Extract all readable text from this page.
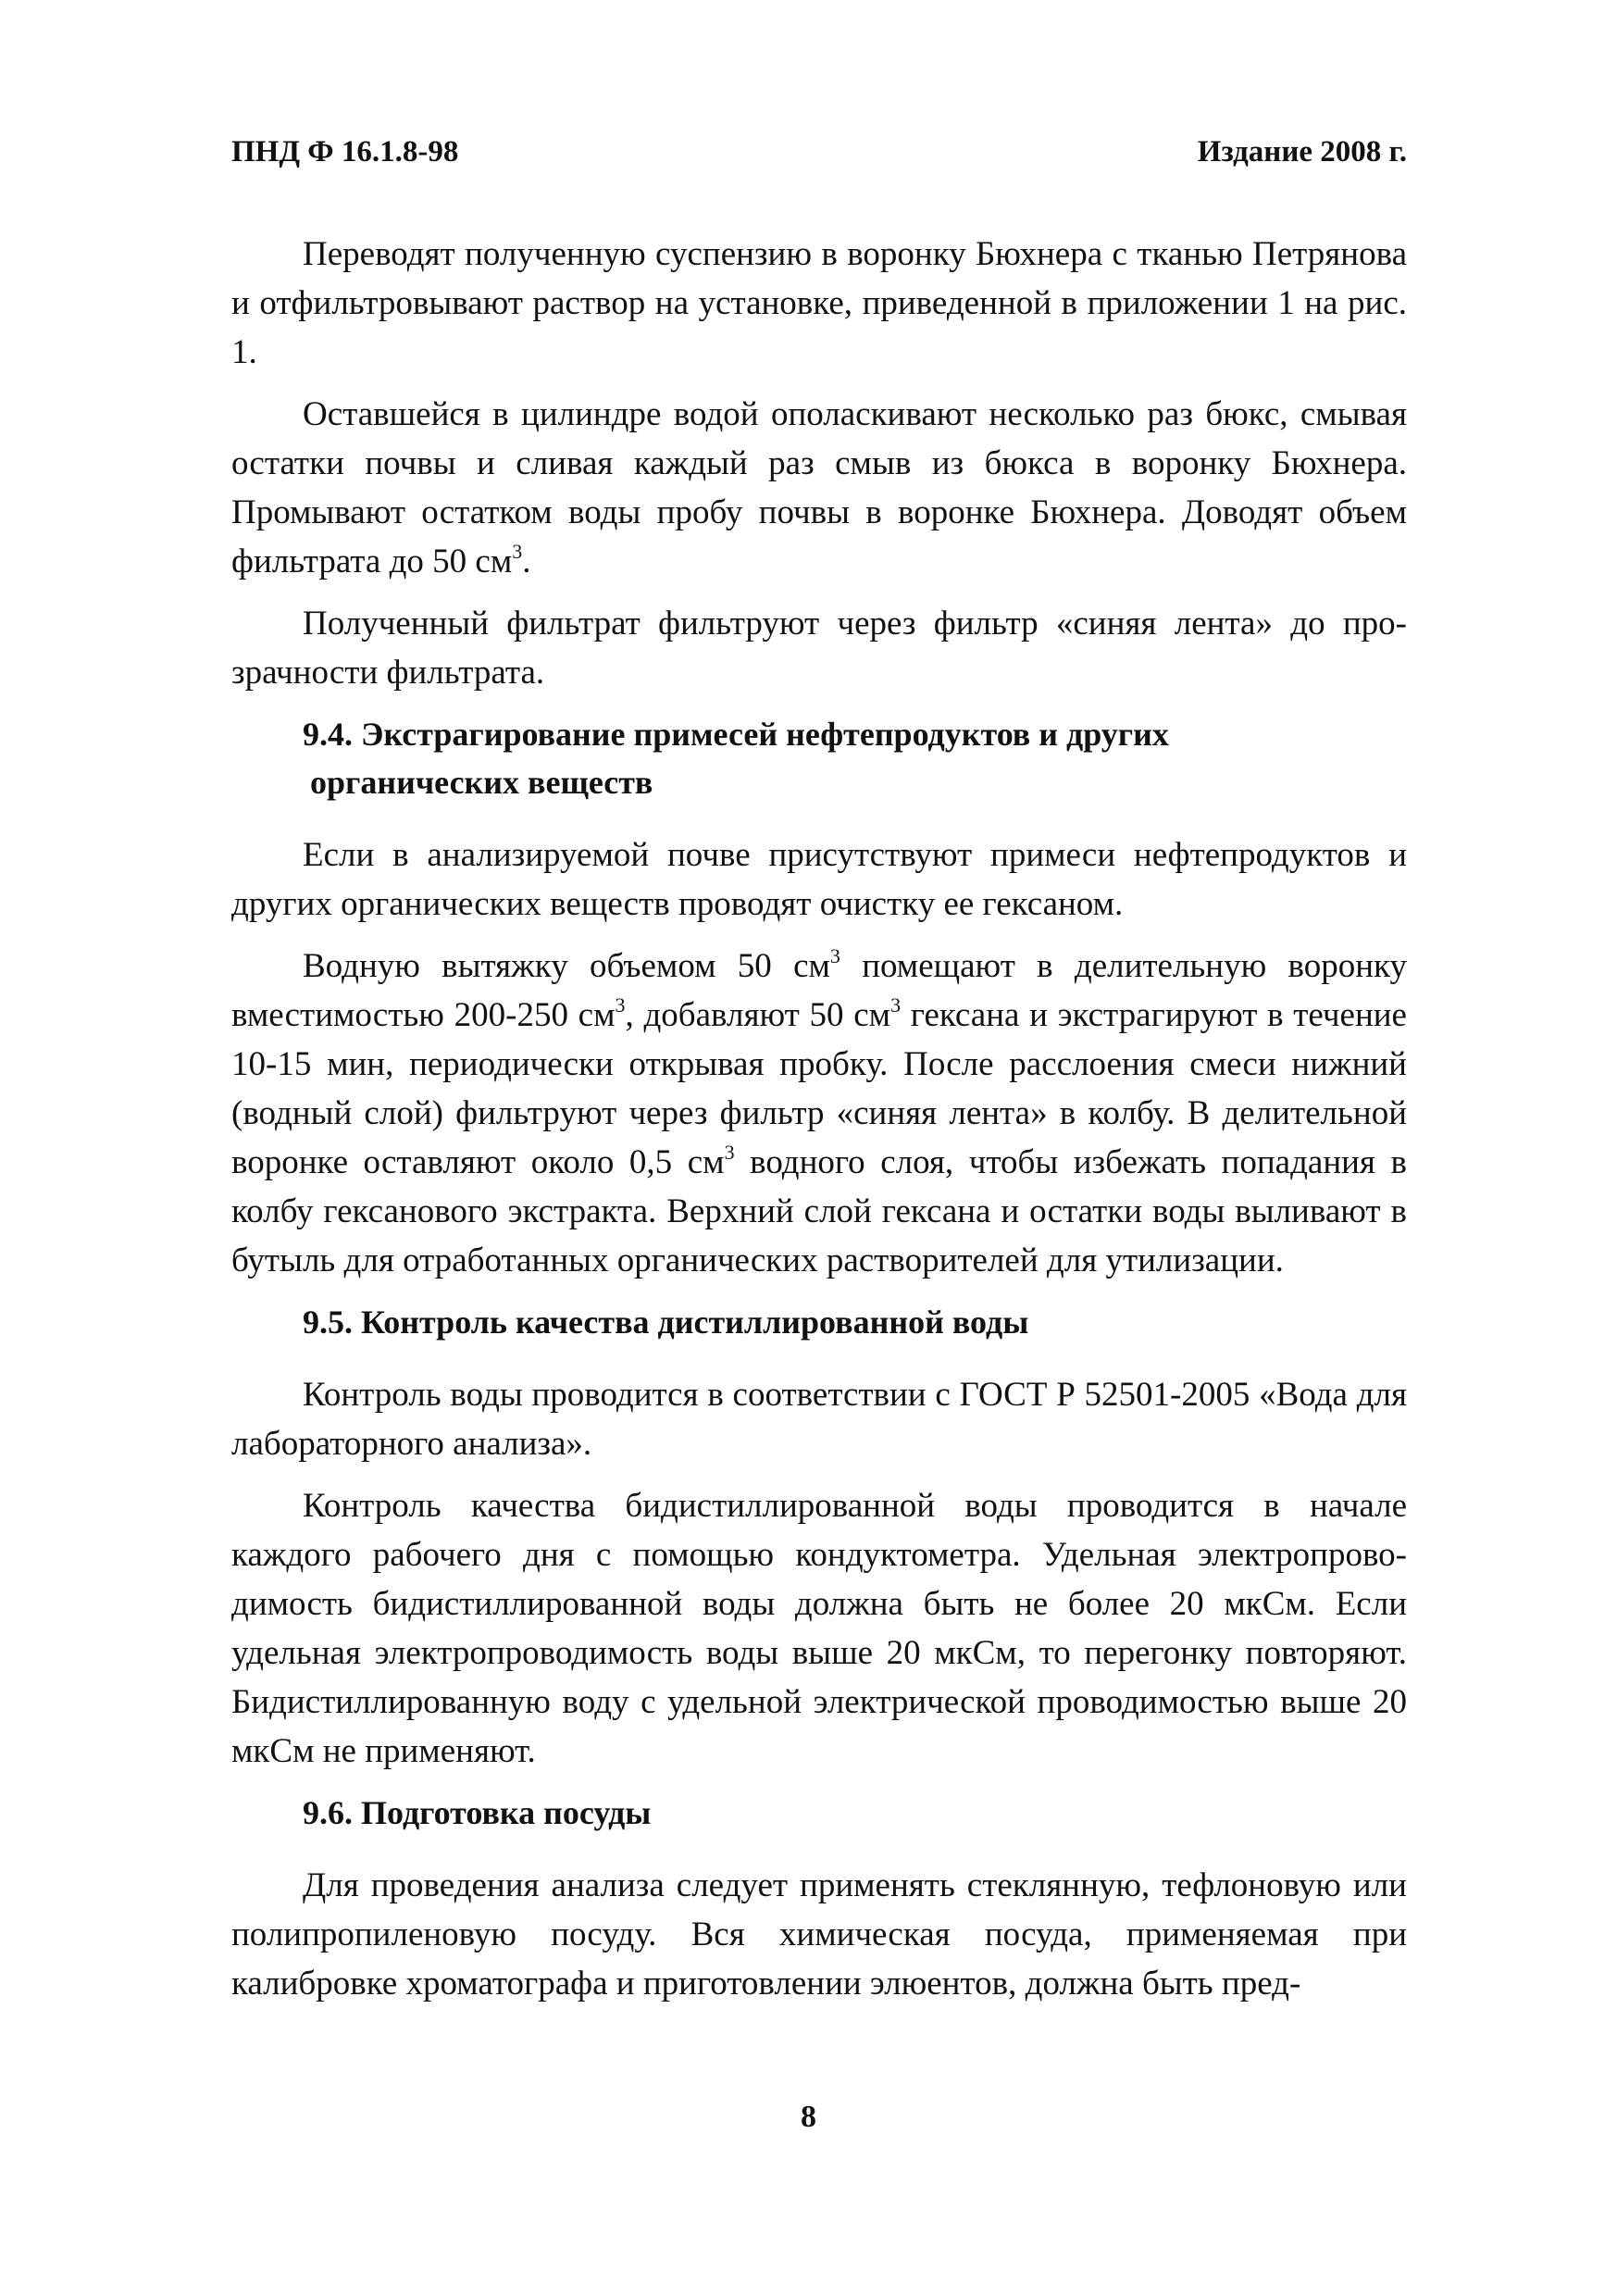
ПНД Ф 16.1.8-98	Издание 2008 г.

Переводят полученную суспензию в воронку Бюхнера с тканью Петрянова и отфильтровывают раствор на установке, приведенной в приложении 1 на рис. 1.

Оставшейся в цилиндре водой ополаскивают несколько раз бюкс, смывая остатки почвы и сливая каждый раз смыв из бюкса в воронку Бюхнера. Промывают остатком воды пробу почвы в воронке Бюхнера. Доводят объем фильтрата до 50 $см^3$.

Полученный фильтрат фильтруют через фильтр «синяя лента» до прозрачности фильтрата.

9.4. Экстрагирование примесей нефтепродуктов и других
органических веществ

Если в анализируемой почве присутствуют примеси нефтепродуктов и других органических веществ проводят очистку ее гексаном.

Водную вытяжку объемом 50 $см^3$ помещают в делительную воронку вместимостью 200-250 $см^3$, добавляют 50 $см^3$ гексана и экстрагируют в течение 10-15 мин, периодически открывая пробку. После расслоения смеси нижний (водный слой) фильтруют через фильтр «синяя лента» в колбу. В делительной воронке оставляют около 0,5 $см^3$ водного слоя, чтобы избежать попадания в колбу гексанового экстракта. Верхний слой гексана и остатки воды выливают в бутыль для отработанных органических растворителей для утилизации.

9.5. Контроль качества дистиллированной воды

Контроль воды проводится в соответствии с ГОСТ Р 52501-2005 «Вода для лабораторного анализа».

Контроль качества бидистиллированной воды проводится в начале каждого рабочего дня с помощью кондуктометра. Удельная электропроводимость бидистиллированной воды должна быть не более 20 мкСм. Если удельная электропроводимость воды выше 20 мкСм, то перегонку повторяют. Бидистиллированную воду с удельной электрической проводимостью выше 20 мкСм не применяют.

9.6. Подготовка посуды

Для проведения анализа следует применять стеклянную, тефлоновую или полипропиленовую посуду. Вся химическая посуда, применяемая при калибровке хроматографа и приготовлении элюентов, должна быть пред-

8
